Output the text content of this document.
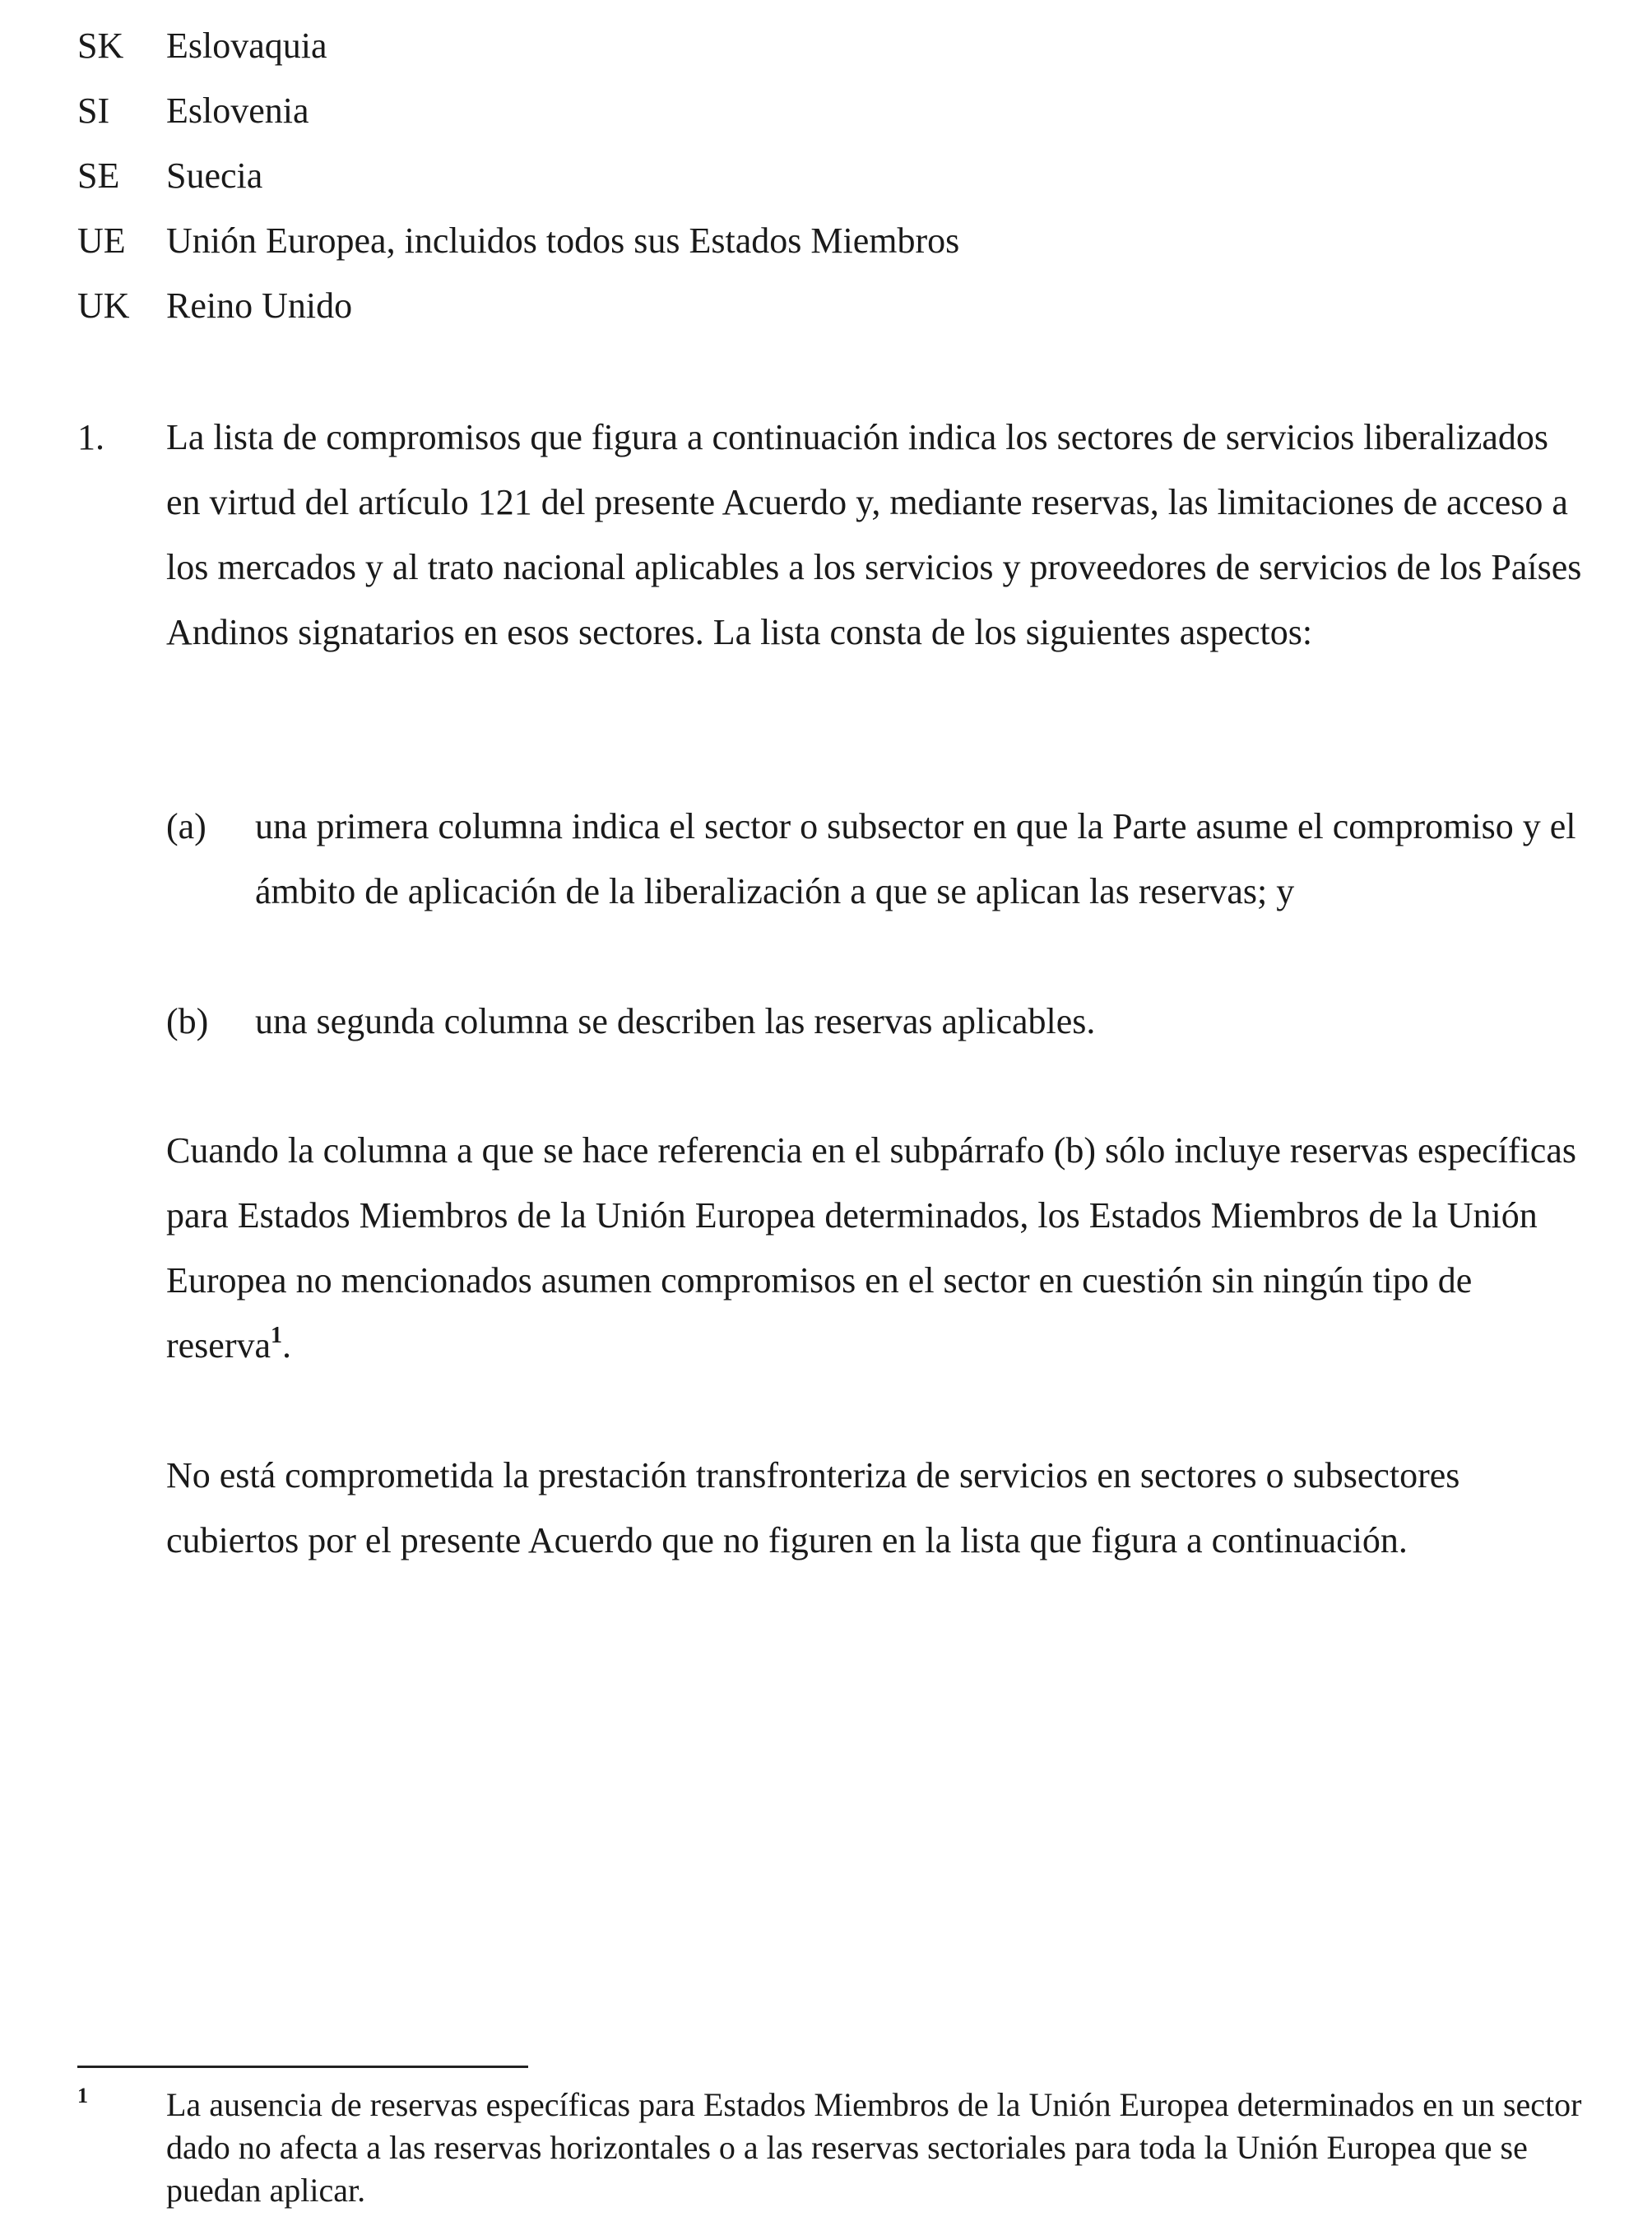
SK	Eslovaquia
SI	Eslovenia
SE	Suecia
UE	Unión Europea, incluidos todos sus Estados Miembros
UK	Reino Unido
1.	La lista de compromisos que figura a continuación indica los sectores de servicios liberalizados en virtud del artículo 121 del presente Acuerdo y, mediante reservas, las limitaciones de acceso a los mercados y al trato nacional aplicables a los servicios y proveedores de servicios de los Países Andinos signatarios en esos sectores. La lista consta de los siguientes aspectos:
(a)	una primera columna indica el sector o subsector en que la Parte asume el compromiso y el ámbito de aplicación de la liberalización a que se aplican las reservas; y
(b)	una segunda columna se describen las reservas aplicables.
Cuando la columna a que se hace referencia en el subpárrafo (b) sólo incluye reservas específicas para Estados Miembros de la Unión Europea determinados, los Estados Miembros de la Unión Europea no mencionados asumen compromisos en el sector en cuestión sin ningún tipo de reserva$^1$.
No está comprometida la prestación transfronteriza de servicios en sectores o subsectores cubiertos por el presente Acuerdo que no figuren en la lista que figura a continuación.
1	La ausencia de reservas específicas para Estados Miembros de la Unión Europea determinados en un sector dado no afecta a las reservas horizontales o a las reservas sectoriales para toda la Unión Europea que se puedan aplicar.
